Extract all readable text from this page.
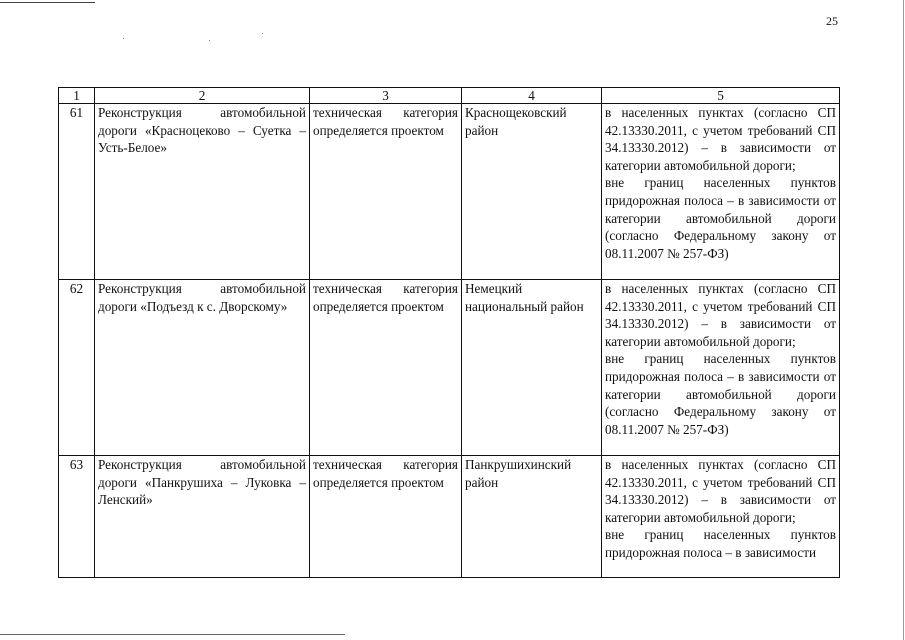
25
1	2	3	4	5
61	Реконструкция автомобильной дороги «Красноцеково – Суетка – Усть-Белое»	техническая категория определяется проектом	Краснощековский район	в населенных пунктах (согласно СП 42.13330.2011, с учетом требований СП 34.13330.2012) – в зависимости от категории автомобильной дороги;
вне границ населенных пунктов придорожная полоса – в зависимости от категории автомобильной дороги (согласно Федеральному закону от 08.11.2007 № 257-ФЗ)

62	Реконструкция автомобильной дороги «Подъезд к с. Дворскому»	техническая категория определяется проектом	Немецкий национальный район	в населенных пунктах (согласно СП 42.13330.2011, с учетом требований СП 34.13330.2012) – в зависимости от категории автомобильной дороги;
вне границ населенных пунктов придорожная полоса – в зависимости от категории автомобильной дороги (согласно Федеральному закону от 08.11.2007 № 257-ФЗ)

63	Реконструкция автомобильной дороги «Панкрушиха – Луковка – Ленский»	техническая категория определяется проектом	Панкрушихинский район	в населенных пунктах (согласно СП 42.13330.2011, с учетом требований СП 34.13330.2012) – в зависимости от категории автомобильной дороги;
вне границ населенных пунктов придорожная полоса – в зависимости
